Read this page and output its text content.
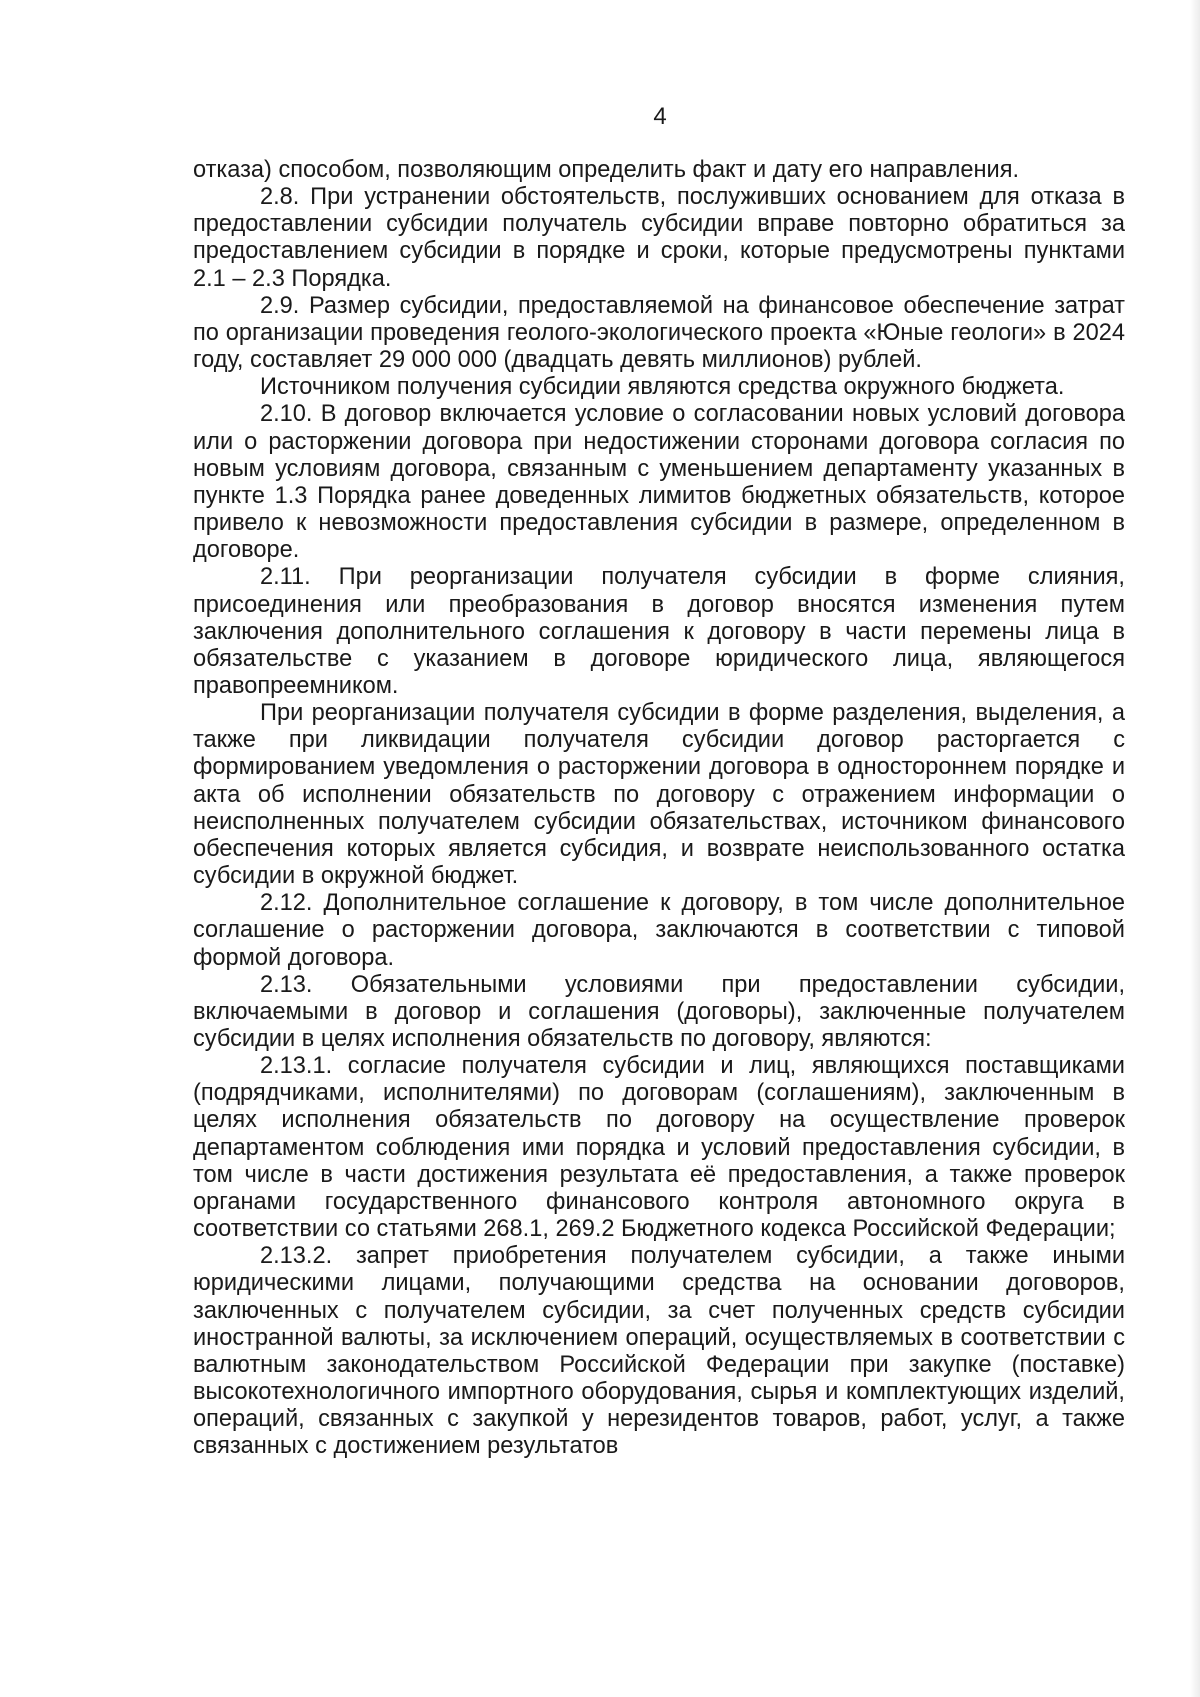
4

отказа) способом, позволяющим определить факт и дату его направления.

2.8. При устранении обстоятельств, послуживших основанием для отказа в предоставлении субсидии получатель субсидии вправе повторно обратиться за предоставлением субсидии в порядке и сроки, которые предусмотрены пунктами 2.1 – 2.3 Порядка.

2.9. Размер субсидии, предоставляемой на финансовое обеспечение затрат по организации проведения геолого-экологического проекта «Юные геологи» в 2024 году, составляет 29 000 000 (двадцать девять миллионов) рублей.

Источником получения субсидии являются средства окружного бюджета.

2.10. В договор включается условие о согласовании новых условий договора или о расторжении договора при недостижении сторонами договора согласия по новым условиям договора, связанным с уменьшением департаменту указанных в пункте 1.3 Порядка ранее доведенных лимитов бюджетных обязательств, которое привело к невозможности предоставления субсидии в размере, определенном в договоре.

2.11. При реорганизации получателя субсидии в форме слияния, присоединения или преобразования в договор вносятся изменения путем заключения дополнительного соглашения к договору в части перемены лица в обязательстве с указанием в договоре юридического лица, являющегося правопреемником.

При реорганизации получателя субсидии в форме разделения, выделения, а также при ликвидации получателя субсидии договор расторгается с формированием уведомления о расторжении договора в одностороннем порядке и акта об исполнении обязательств по договору с отражением информации о неисполненных получателем субсидии обязательствах, источником финансового обеспечения которых является субсидия, и возврате неиспользованного остатка субсидии в окружной бюджет.

2.12. Дополнительное соглашение к договору, в том числе дополнительное соглашение о расторжении договора, заключаются в соответствии с типовой формой договора.

2.13. Обязательными условиями при предоставлении субсидии, включаемыми в договор и соглашения (договоры), заключенные получателем субсидии в целях исполнения обязательств по договору, являются:

2.13.1. согласие получателя субсидии и лиц, являющихся поставщиками (подрядчиками, исполнителями) по договорам (соглашениям), заключенным в целях исполнения обязательств по договору на осуществление проверок департаментом соблюдения ими порядка и условий предоставления субсидии, в том числе в части достижения результата её предоставления, а также проверок органами государственного финансового контроля автономного округа в соответствии со статьями 268.1, 269.2 Бюджетного кодекса Российской Федерации;

2.13.2. запрет приобретения получателем субсидии, а также иными юридическими лицами, получающими средства на основании договоров, заключенных с получателем субсидии, за счет полученных средств субсидии иностранной валюты, за исключением операций, осуществляемых в соответствии с валютным законодательством Российской Федерации при закупке (поставке) высокотехнологичного импортного оборудования, сырья и комплектующих изделий, операций, связанных с закупкой у нерезидентов товаров, работ, услуг, а также связанных с достижением результатов
